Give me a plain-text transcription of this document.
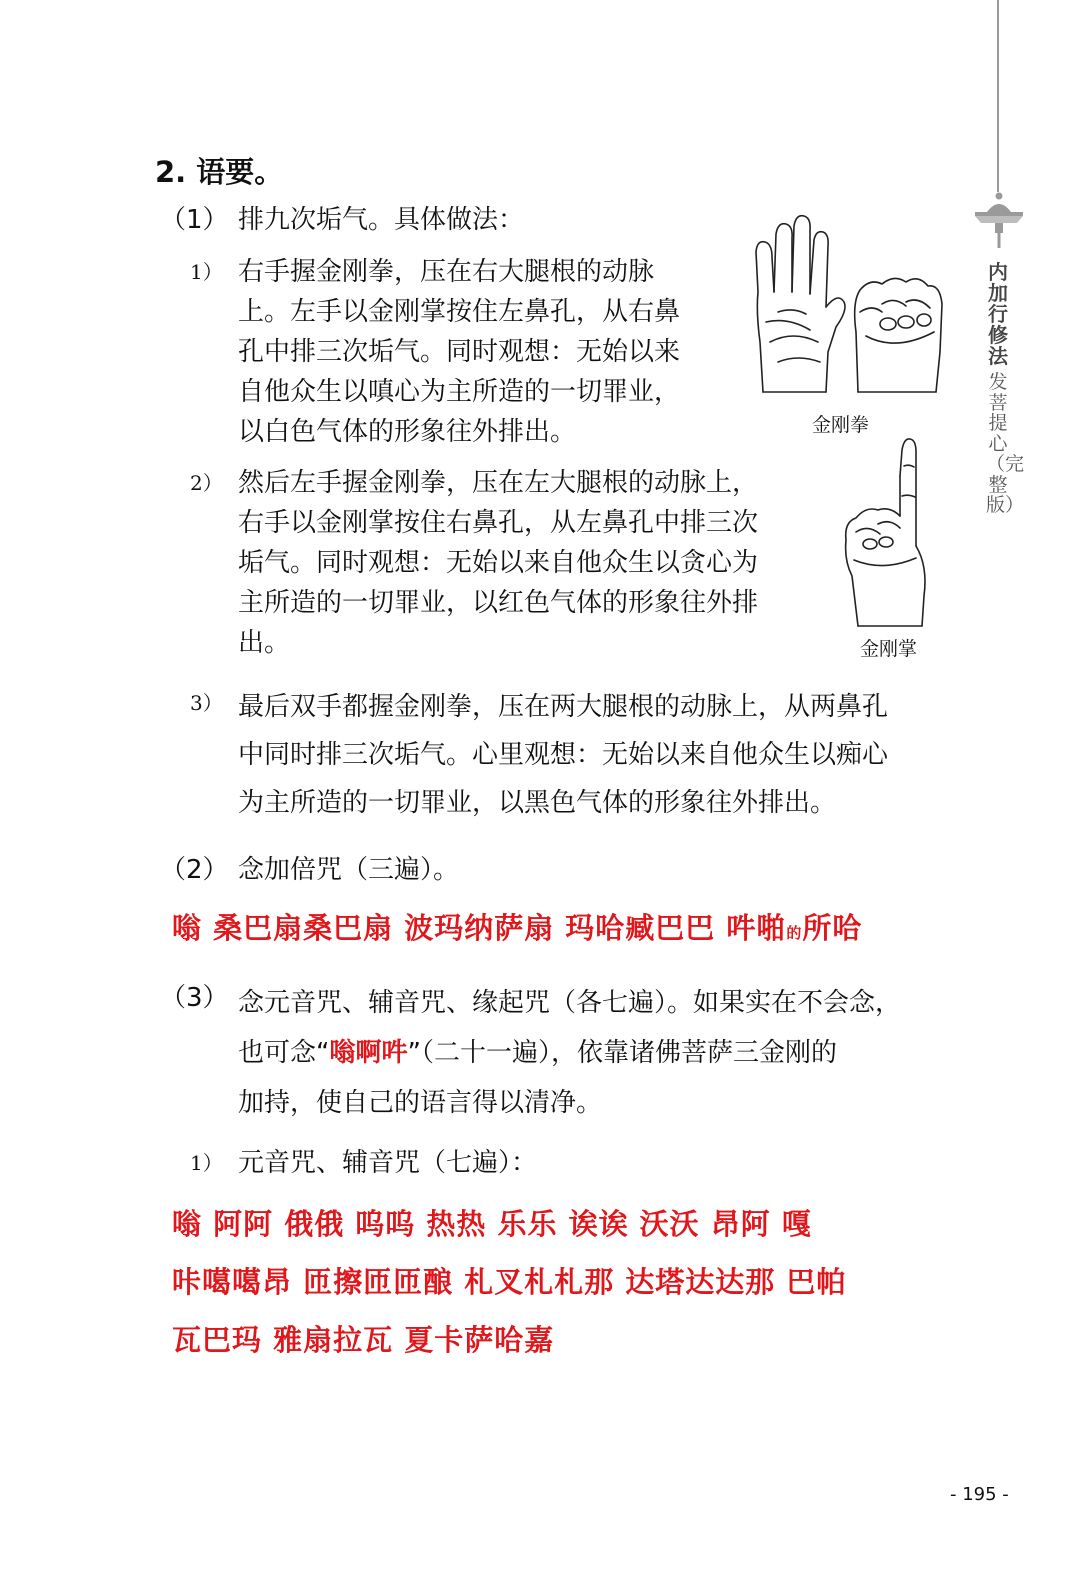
内加行修法
发菩提心（完整版）
2. 语要。
（1） 排九次垢气。具体做法：
1） 右手握金刚拳，压在右大腿根的动脉
上。左手以金刚掌按住左鼻孔，从右鼻
孔中排三次垢气。同时观想：无始以来
自他众生以嗔心为主所造的一切罪业，
以白色气体的形象往外排出。	金刚拳
2） 然后左手握金刚拳，压在左大腿根的动脉上，
右手以金刚掌按住右鼻孔，从左鼻孔中排三次
垢气。同时观想：无始以来自他众生以贪心为
主所造的一切罪业，以红色气体的形象往外排
出。	金刚掌
3） 最后双手都握金刚拳，压在两大腿根的动脉上，从两鼻孔
中同时排三次垢气。心里观想：无始以来自他众生以痴心
为主所造的一切罪业，以黑色气体的形象往外排出。
（2） 念加倍咒（三遍）。
嗡 桑巴扇桑巴扇 波玛纳萨扇 玛哈臧巴巴 吽啪的所哈
（3） 念元音咒、辅音咒、缘起咒（各七遍）。如果实在不会念，
也可念“嗡啊吽”（二十一遍），依靠诸佛菩萨三金刚的
加持，使自己的语言得以清净。
1） 元音咒、辅音咒（七遍）：
嗡 阿阿 俄俄 呜呜 热热 乐乐 诶诶 沃沃 昂阿 嘎
咔噶噶昂 匝擦匝匝酿 札叉札札那 达塔达达那 巴帕
瓦巴玛 雅扇拉瓦 夏卡萨哈嘉
- 195 -
